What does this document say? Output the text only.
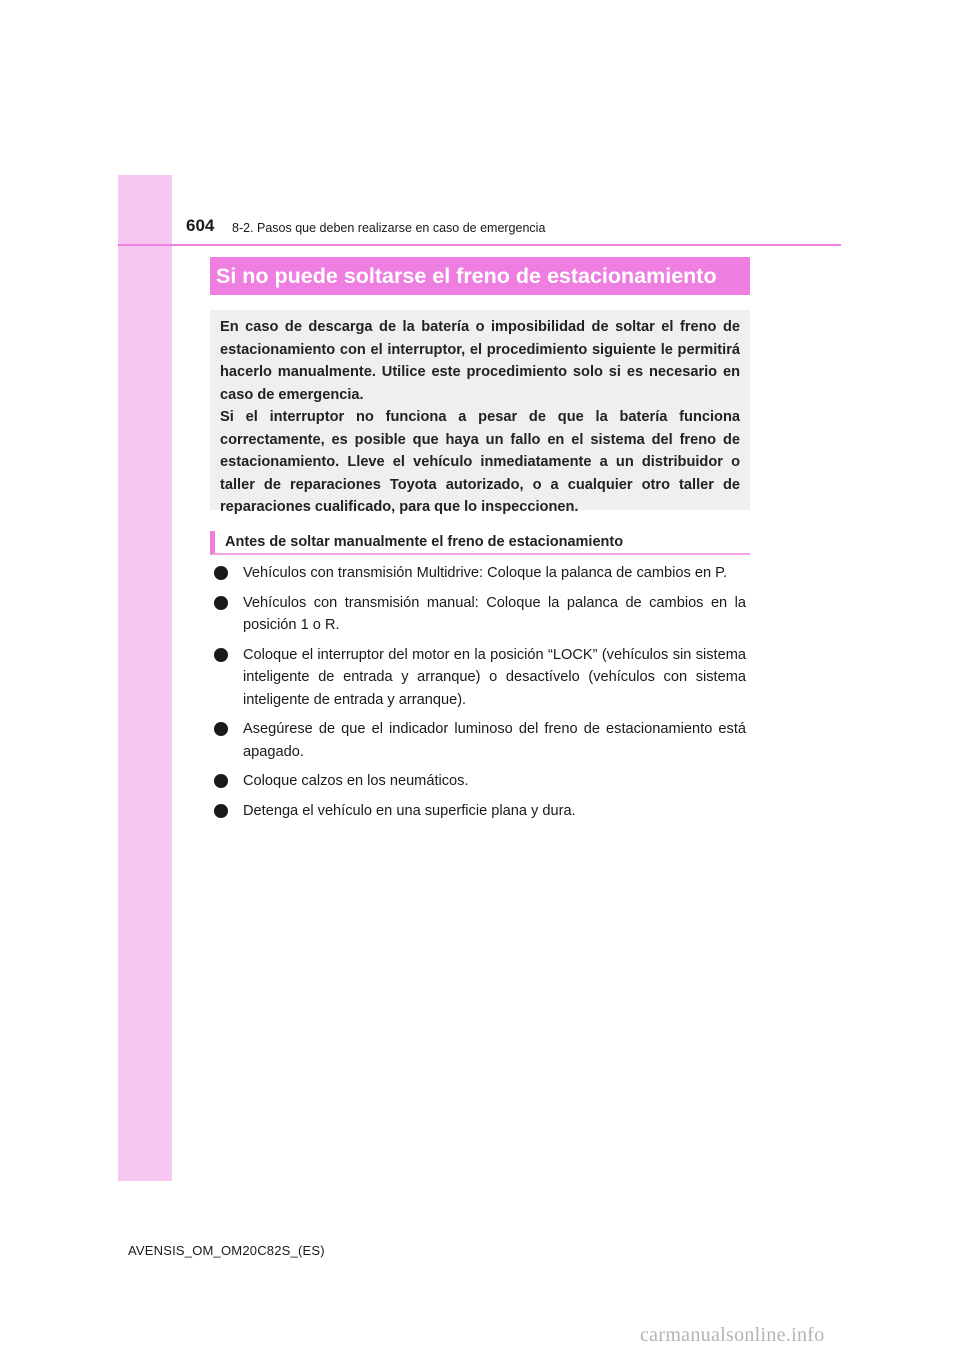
604 8-2. Pasos que deben realizarse en caso de emergencia
Si no puede soltarse el freno de estacionamiento

En caso de descarga de la batería o imposibilidad de soltar el freno de estacionamiento con el interruptor, el procedimiento siguiente le permitirá hacerlo manualmente. Utilice este procedimiento solo si es necesario en caso de emergencia.

Si el interruptor no funciona a pesar de que la batería funciona correctamente, es posible que haya un fallo en el sistema del freno de estacionamiento. Lleve el vehículo inmediatamente a un distribuidor o taller de reparaciones Toyota autorizado, o a cualquier otro taller de reparaciones cualificado, para que lo inspeccionen.

Antes de soltar manualmente el freno de estacionamiento
Vehículos con transmisión Multidrive: Coloque la palanca de cambios en P.
Vehículos con transmisión manual: Coloque la palanca de cambios en la posición 1 o R.
Coloque el interruptor del motor en la posición “LOCK” (vehículos sin sistema inteligente de entrada y arranque) o desactívelo (vehículos con sistema inteligente de entrada y arranque).
Asegúrese de que el indicador luminoso del freno de estacionamiento está apagado.
Coloque calzos en los neumáticos.
Detenga el vehículo en una superficie plana y dura.
AVENSIS_OM_OM20C82S_(ES)
carmanualsonline.info
